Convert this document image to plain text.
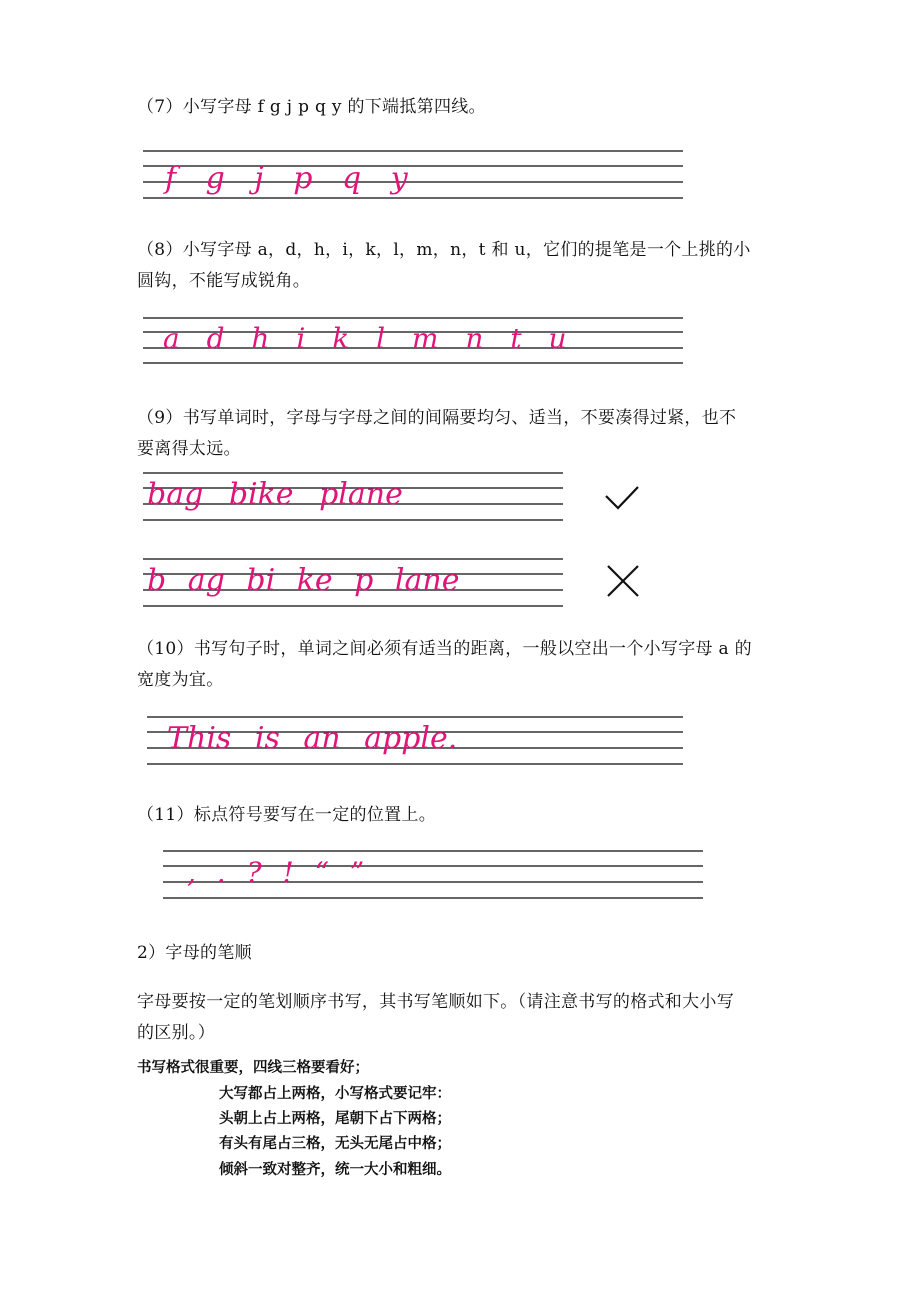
（7）小写字母 f g j p q y 的下端抵第四线。
f g j p q y
（8）小写字母 a，d，h，i，k，l，m，n，t 和 u，它们的提笔是一个上挑的小
圆钩，不能写成锐角。
a d h i k l m n t u
（9）书写单词时，字母与字母之间的间隔要均匀、适当，不要凑得过紧，也不
要离得太远。
bag bike plane
b ag bi ke p lane
（10）书写句子时，单词之间必须有适当的距离，一般以空出一个小写字母 a 的
宽度为宜。
This is an apple.
（11）标点符号要写在一定的位置上。
, . ? ! “ ”
2）字母的笔顺
字母要按一定的笔划顺序书写，其书写笔顺如下。（请注意书写的格式和大小写
的区别。）
书写格式很重要，四线三格要看好；
大写都占上两格，小写格式要记牢：
头朝上占上两格，尾朝下占下两格；
有头有尾占三格，无头无尾占中格；
倾斜一致对整齐，统一大小和粗细。
